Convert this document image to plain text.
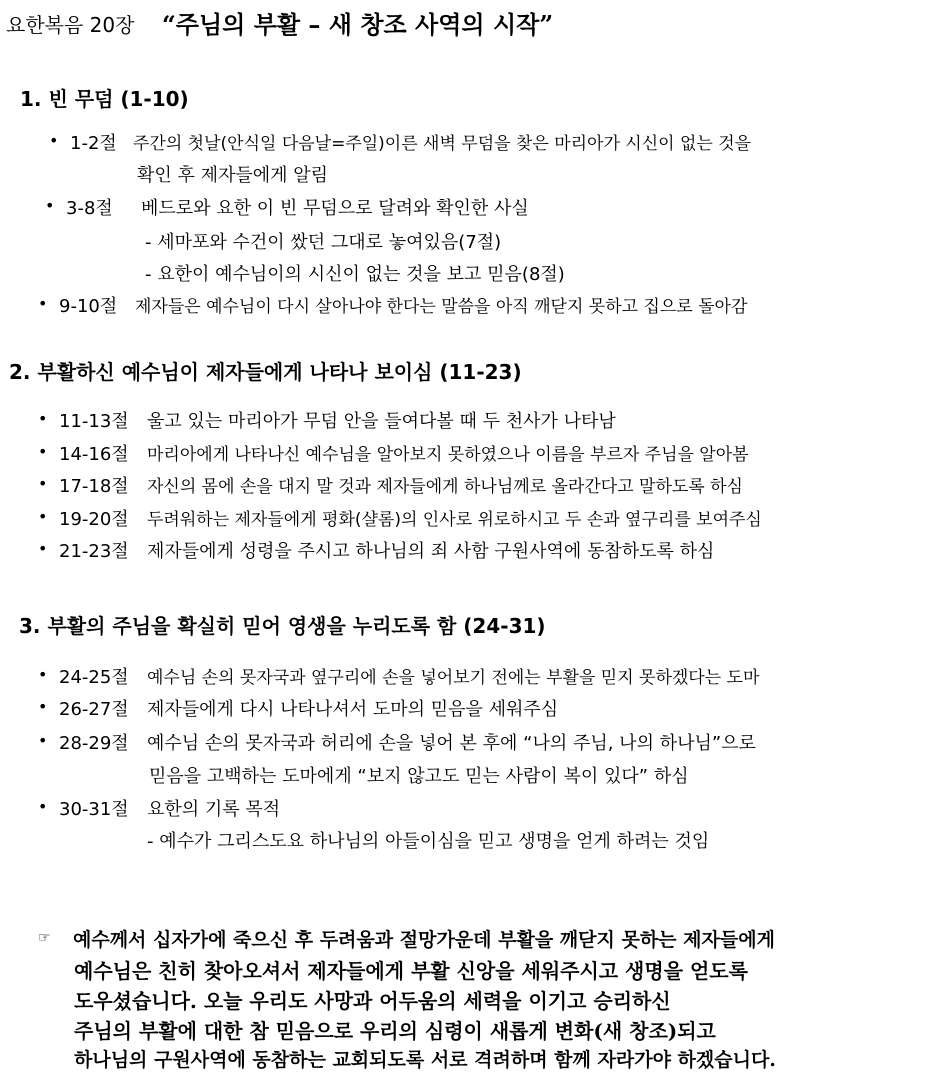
요한복음 20장 “주님의 부활 – 새 창조 사역의 시작”
1. 빈 무덤 (1-10)
• 1-2절 주간의 첫날(안식일 다음날=주일)이른 새벽 무덤을 찾은 마리아가 시신이 없는 것을
확인 후 제자들에게 알림
• 3-8절 베드로와 요한 이 빈 무덤으로 달려와 확인한 사실
- 세마포와 수건이 쌌던 그대로 놓여있음(7절)
- 요한이 예수님이의 시신이 없는 것을 보고 믿음(8절)
• 9-10절 제자들은 예수님이 다시 살아나야 한다는 말씀을 아직 깨닫지 못하고 집으로 돌아감
2. 부활하신 예수님이 제자들에게 나타나 보이심 (11-23)
• 11-13절 울고 있는 마리아가 무덤 안을 들여다볼 때 두 천사가 나타남
• 14-16절 마리아에게 나타나신 예수님을 알아보지 못하였으나 이름을 부르자 주님을 알아봄
• 17-18절 자신의 몸에 손을 대지 말 것과 제자들에게 하나님께로 올라간다고 말하도록 하심
• 19-20절 두려워하는 제자들에게 평화(샬롬)의 인사로 위로하시고 두 손과 옆구리를 보여주심
• 21-23절 제자들에게 성령을 주시고 하나님의 죄 사함 구원사역에 동참하도록 하심
3. 부활의 주님을 확실히 믿어 영생을 누리도록 함 (24-31)
• 24-25절 예수님 손의 못자국과 옆구리에 손을 넣어보기 전에는 부활을 믿지 못하겠다는 도마
• 26-27절 제자들에게 다시 나타나셔서 도마의 믿음을 세워주심
• 28-29절 예수님 손의 못자국과 허리에 손을 넣어 본 후에 “나의 주님, 나의 하나님”으로
믿음을 고백하는 도마에게 “보지 않고도 믿는 사람이 복이 있다” 하심
• 30-31절 요한의 기록 목적
- 예수가 그리스도요 하나님의 아들이심을 믿고 생명을 얻게 하려는 것임
☞ 예수께서 십자가에 죽으신 후 두려움과 절망가운데 부활을 깨닫지 못하는 제자들에게
예수님은 친히 찾아오셔서 제자들에게 부활 신앙을 세워주시고 생명을 얻도록
도우셨습니다. 오늘 우리도 사망과 어두움의 세력을 이기고 승리하신
주님의 부활에 대한 참 믿음으로 우리의 심령이 새롭게 변화(새 창조)되고
하나님의 구원사역에 동참하는 교회되도록 서로 격려하며 함께 자라가야 하겠습니다.
